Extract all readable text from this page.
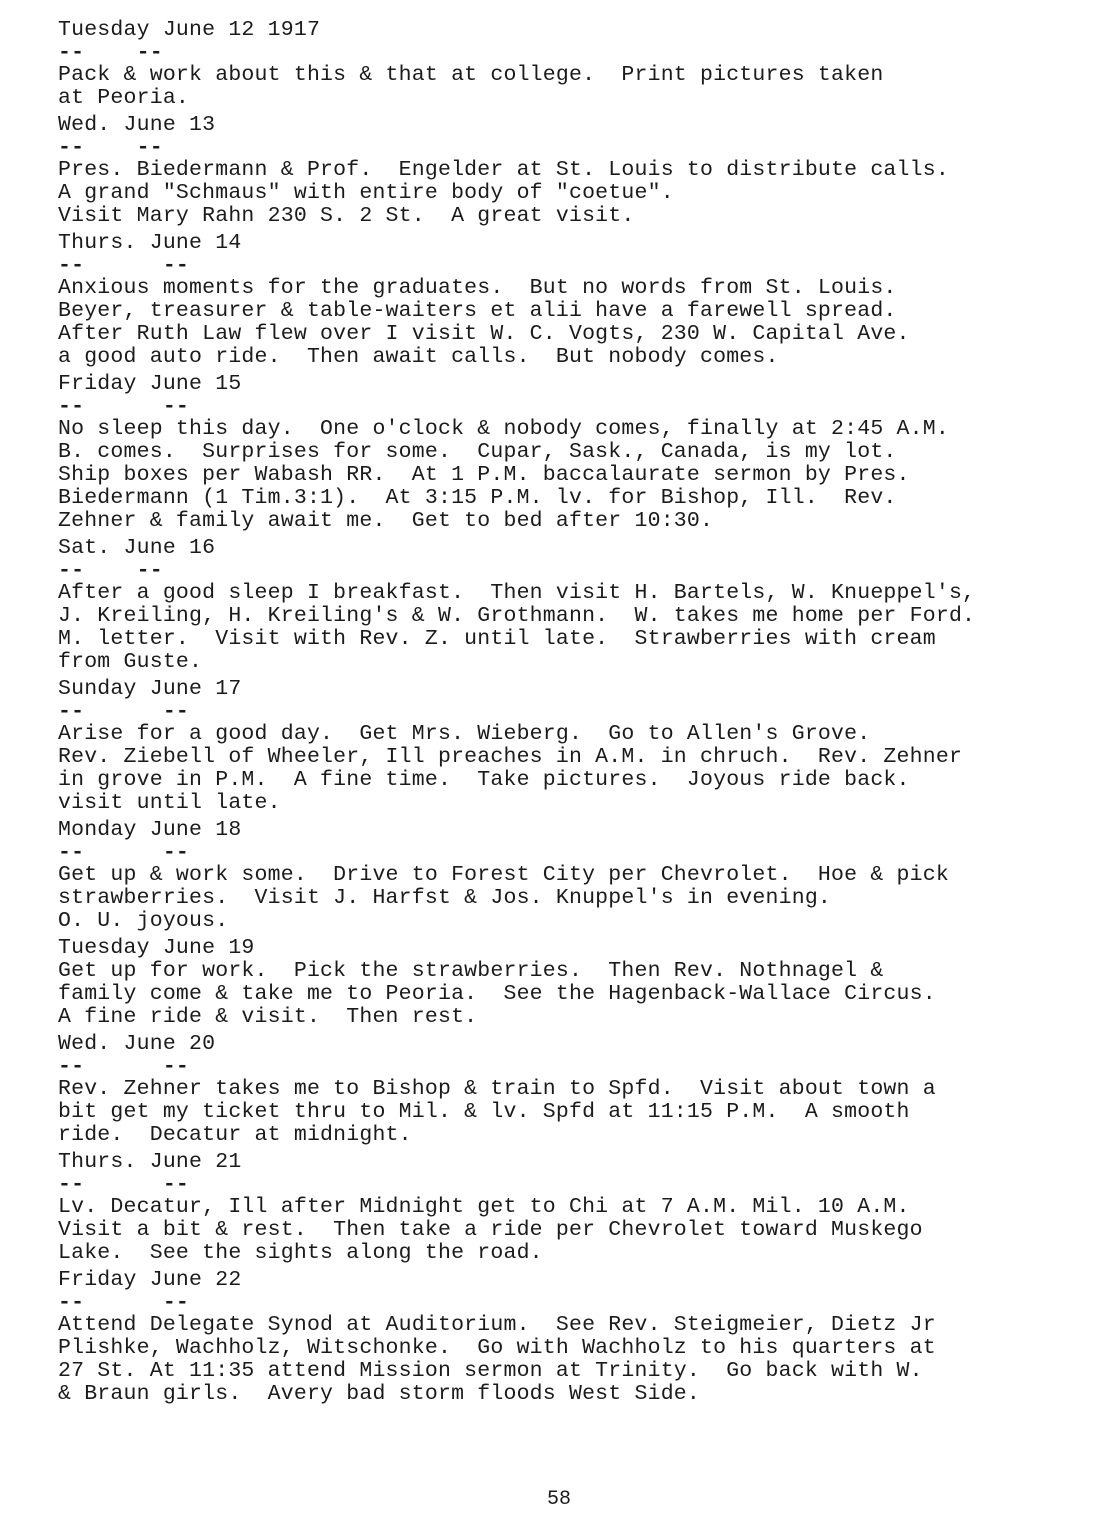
Tuesday June 12 1917
--    --
Pack & work about this & that at college.  Print pictures taken
at Peoria.
Wed. June 13
--    --
Pres. Biedermann & Prof.  Engelder at St. Louis to distribute calls.
A grand "Schmaus" with entire body of "coetue".
Visit Mary Rahn 230 S. 2 St.  A great visit.
Thurs. June 14
--      --
Anxious moments for the graduates.  But no words from St. Louis.
Beyer, treasurer & table-waiters et alii have a farewell spread.
After Ruth Law flew over I visit W. C. Vogts, 230 W. Capital Ave.
a good auto ride.  Then await calls.  But nobody comes.
Friday June 15
--      --
No sleep this day.  One o'clock & nobody comes, finally at 2:45 A.M.
B. comes.  Surprises for some.  Cupar, Sask., Canada, is my lot.
Ship boxes per Wabash RR.  At 1 P.M. baccalaurate sermon by Pres.
Biedermann (1 Tim.3:1).  At 3:15 P.M. lv. for Bishop, Ill.  Rev.
Zehner & family await me.  Get to bed after 10:30.
Sat. June 16
--    --
After a good sleep I breakfast.  Then visit H. Bartels, W. Knueppel's,
J. Kreiling, H. Kreiling's & W. Grothmann.  W. takes me home per Ford.
M. letter.  Visit with Rev. Z. until late.  Strawberries with cream
from Guste.
Sunday June 17
--      --
Arise for a good day.  Get Mrs. Wieberg.  Go to Allen's Grove.
Rev. Ziebell of Wheeler, Ill preaches in A.M. in chruch.  Rev. Zehner
in grove in P.M.  A fine time.  Take pictures.  Joyous ride back.
visit until late.
Monday June 18
--      --
Get up & work some.  Drive to Forest City per Chevrolet.  Hoe & pick
strawberries.  Visit J. Harfst & Jos. Knuppel's in evening.
O. U. joyous.
Tuesday June 19
Get up for work.  Pick the strawberries.  Then Rev. Nothnagel &
family come & take me to Peoria.  See the Hagenback-Wallace Circus.
A fine ride & visit.  Then rest.
Wed. June 20
--      --
Rev. Zehner takes me to Bishop & train to Spfd.  Visit about town a
bit get my ticket thru to Mil. & lv. Spfd at 11:15 P.M.  A smooth
ride.  Decatur at midnight.
Thurs. June 21
--      --
Lv. Decatur, Ill after Midnight get to Chi at 7 A.M. Mil. 10 A.M.
Visit a bit & rest.  Then take a ride per Chevrolet toward Muskego
Lake.  See the sights along the road.
Friday June 22
--      --
Attend Delegate Synod at Auditorium.  See Rev. Steigmeier, Dietz Jr
Plishke, Wachholz, Witschonke.  Go with Wachholz to his quarters at
27 St. At 11:35 attend Mission sermon at Trinity.  Go back with W.
& Braun girls.  Avery bad storm floods West Side.
58
